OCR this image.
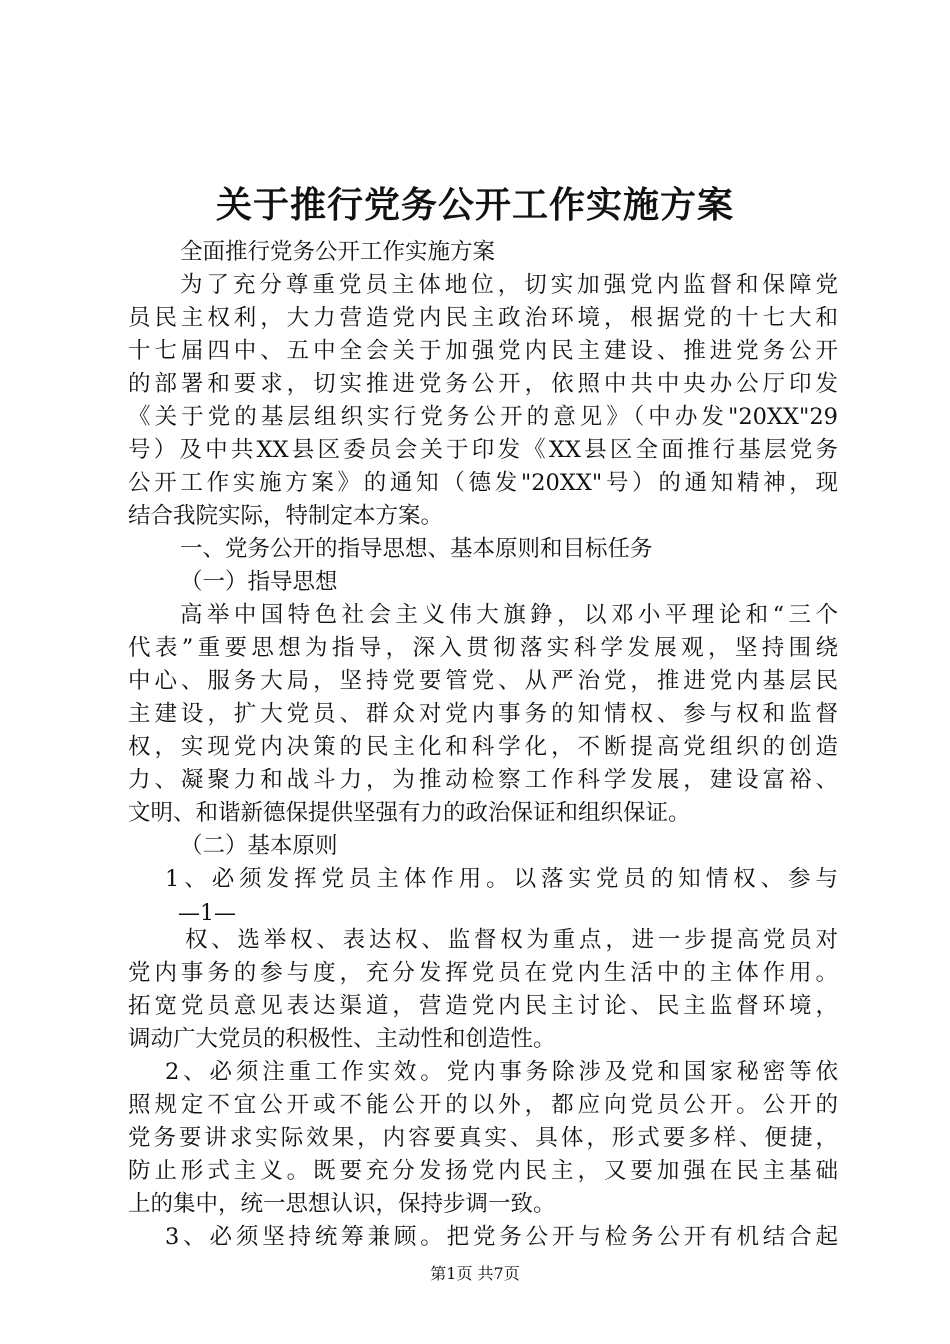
关于推行党务公开工作实施方案
全面推行党务公开工作实施方案
为了充分尊重党员主体地位，切实加强党内监督和保障党
员民主权利，大力营造党内民主政治环境，根据党的十七大和
十七届四中、五中全会关于加强党内民主建设、推进党务公开
的部署和要求，切实推进党务公开，依照中共中央办公厅印发
《关于党的基层组织实行党务公开的意见》（中办发"20XX"29
号）及中共XX县区委员会关于印发《XX县区全面推行基层党务
公开工作实施方案》的通知（德发"20XX"号）的通知精神，现
结合我院实际，特制定本方案。
一、党务公开的指导思想、基本原则和目标任务
（一）指导思想
高举中国特色社会主义伟大旗錚，以邓小平理论和“三个
代表”重要思想为指导，深入贯彻落实科学发展观，坚持围绕
中心、服务大局，坚持党要管党、从严治党，推进党内基层民
主建设，扩大党员、群众对党内事务的知情权、参与权和监督
权，实现党内决策的民主化和科学化，不断提高党组织的创造
力、凝聚力和战斗力，为推动检察工作科学发展，建设富裕、
文明、和谐新德保提供坚强有力的政治保证和组织保证。
（二）基本原则
1、必须发挥党员主体作用。以落实党员的知情权、参与
—1—
权、选举权、表达权、监督权为重点，进一步提高党员对
党内事务的参与度，充分发挥党员在党内生活中的主体作用。
拓宽党员意见表达渠道，营造党内民主讨论、民主监督环境，
调动广大党员的积极性、主动性和创造性。
2、必须注重工作实效。党内事务除涉及党和国家秘密等依
照规定不宜公开或不能公开的以外，都应向党员公开。公开的
党务要讲求实际效果，内容要真实、具体，形式要多样、便捷，
防止形式主义。既要充分发扬党内民主，又要加强在民主基础
上的集中，统一思想认识，保持步调一致。
第1页 共7页
3、必须坚持统筹兼顾。把党务公开与检务公开有机结合起
